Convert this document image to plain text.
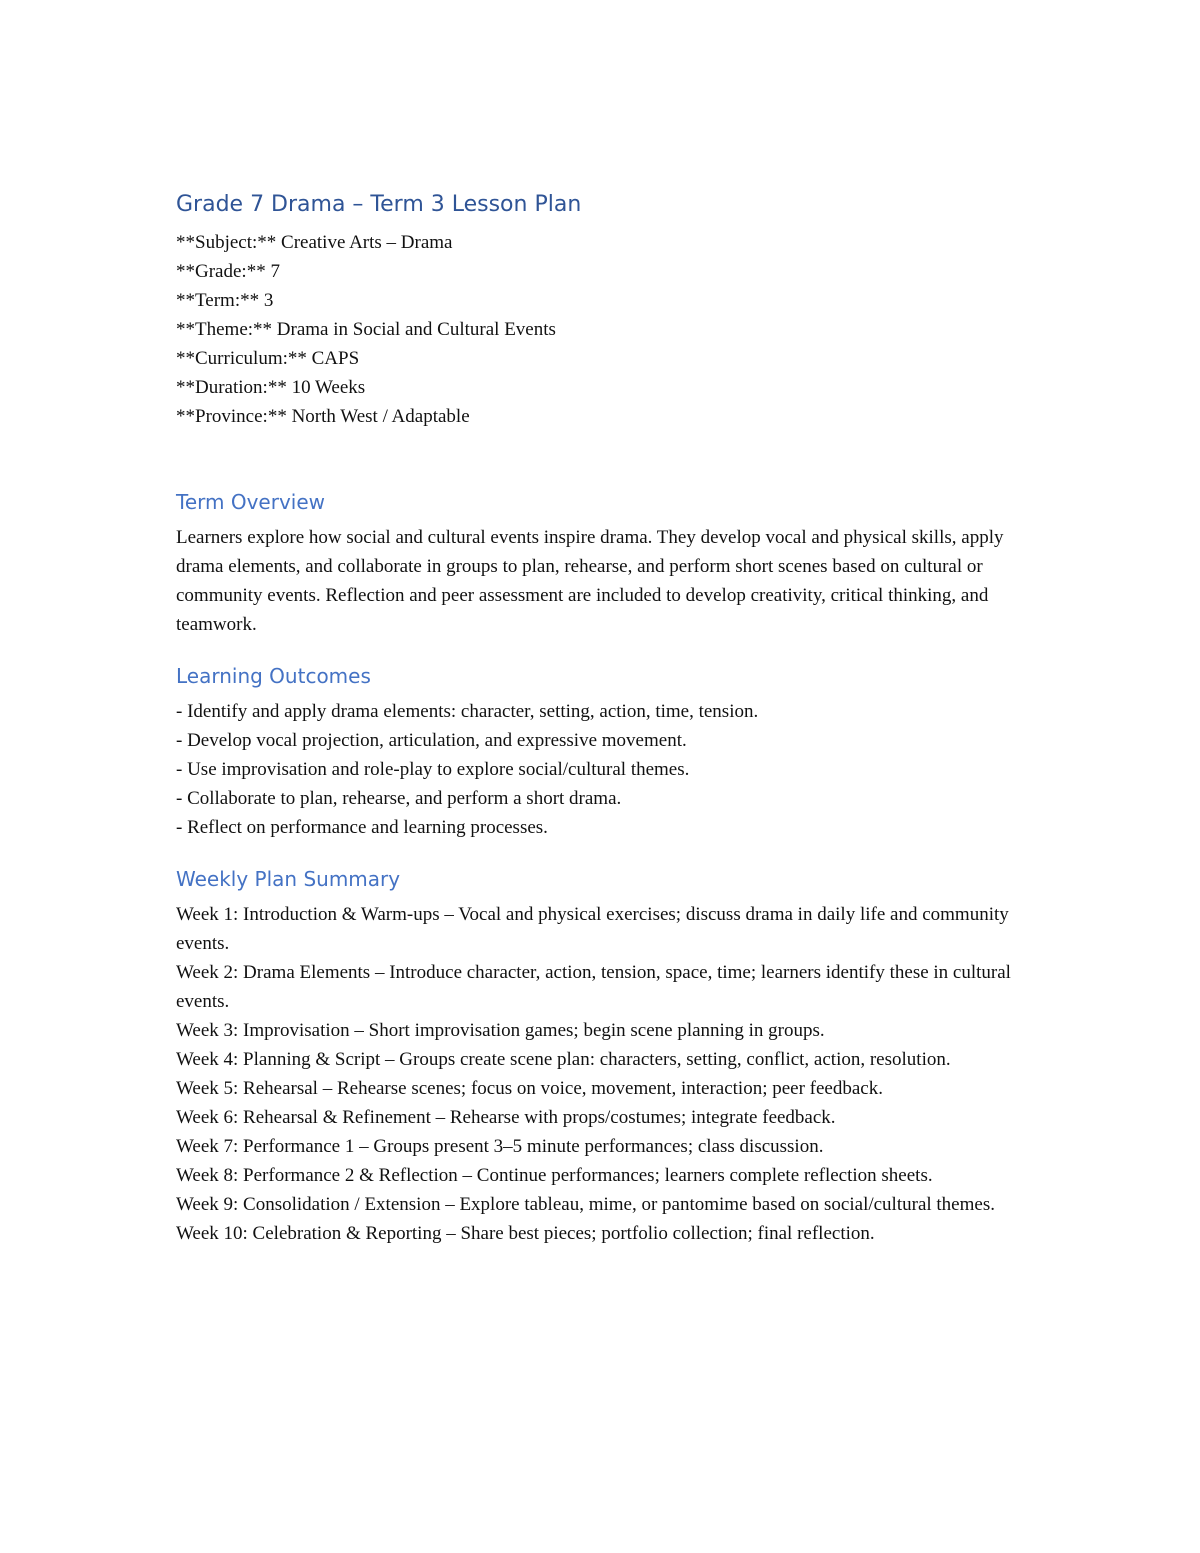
Grade 7 Drama – Term 3 Lesson Plan

**Subject:** Creative Arts – Drama

**Grade:** 7

**Term:** 3

**Theme:** Drama in Social and Cultural Events

**Curriculum:** CAPS

**Duration:** 10 Weeks

**Province:** North West / Adaptable

Term Overview

Learners explore how social and cultural events inspire drama. They develop vocal and physical skills, apply drama elements, and collaborate in groups to plan, rehearse, and perform short scenes based on cultural or community events. Reflection and peer assessment are included to develop creativity, critical thinking, and teamwork.

Learning Outcomes

- Identify and apply drama elements: character, setting, action, time, tension.

- Develop vocal projection, articulation, and expressive movement.

- Use improvisation and role-play to explore social/cultural themes.

- Collaborate to plan, rehearse, and perform a short drama.

- Reflect on performance and learning processes.

Weekly Plan Summary

Week 1: Introduction & Warm-ups – Vocal and physical exercises; discuss drama in daily life and community events.

Week 2: Drama Elements – Introduce character, action, tension, space, time; learners identify these in cultural events.

Week 3: Improvisation – Short improvisation games; begin scene planning in groups.

Week 4: Planning & Script – Groups create scene plan: characters, setting, conflict, action, resolution.

Week 5: Rehearsal – Rehearse scenes; focus on voice, movement, interaction; peer feedback.

Week 6: Rehearsal & Refinement – Rehearse with props/costumes; integrate feedback.

Week 7: Performance 1 – Groups present 3–5 minute performances; class discussion.

Week 8: Performance 2 & Reflection – Continue performances; learners complete reflection sheets.

Week 9: Consolidation / Extension – Explore tableau, mime, or pantomime based on social/cultural themes.

Week 10: Celebration & Reporting – Share best pieces; portfolio collection; final reflection.
